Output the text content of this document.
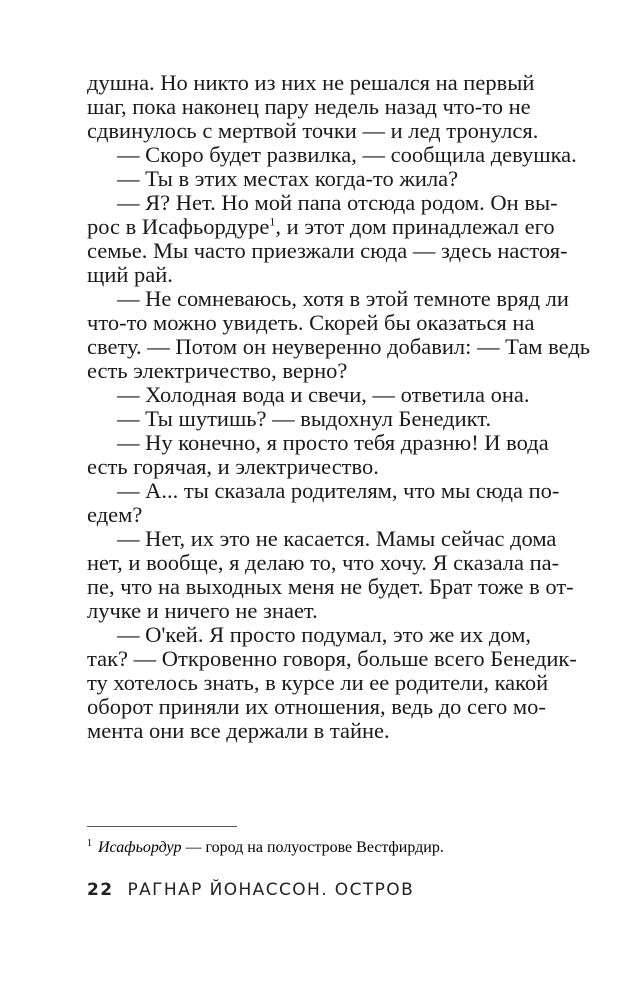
душна. Но никто из них не решался на первый
шаг, пока наконец пару недель назад что-то не
сдвинулось с мертвой точки — и лед тронулся.
— Скоро будет развилка, — сообщила девушка.
— Ты в этих местах когда-то жила?
— Я? Нет. Но мой папа отсюда родом. Он вы-
рос в Исафьордуре$^1$, и этот дом принадлежал его
семье. Мы часто приезжали сюда — здесь настоя-
щий рай.
— Не сомневаюсь, хотя в этой темноте вряд ли
что-то можно увидеть. Скорей бы оказаться на
свету. — Потом он неуверенно добавил: — Там ведь
есть электричество, верно?
— Холодная вода и свечи, — ответила она.
— Ты шутишь? — выдохнул Бенедикт.
— Ну конечно, я просто тебя дразню! И вода
есть горячая, и электричество.
— А... ты сказала родителям, что мы сюда по-
едем?
— Нет, их это не касается. Мамы сейчас дома
нет, и вообще, я делаю то, что хочу. Я сказала па-
пе, что на выходных меня не будет. Брат тоже в от-
лучке и ничего не знает.
— О'кей. Я просто подумал, это же их дом,
так? — Откровенно говоря, больше всего Бенедик-
ту хотелось знать, в курсе ли ее родители, какой
оборот приняли их отношения, ведь до сего мо-
мента они все держали в тайне.
$^1$ Исафьордур — город на полуострове Вестфирдир.
22 РАГНАР ЙОНАССОН. ОСТРОВ
